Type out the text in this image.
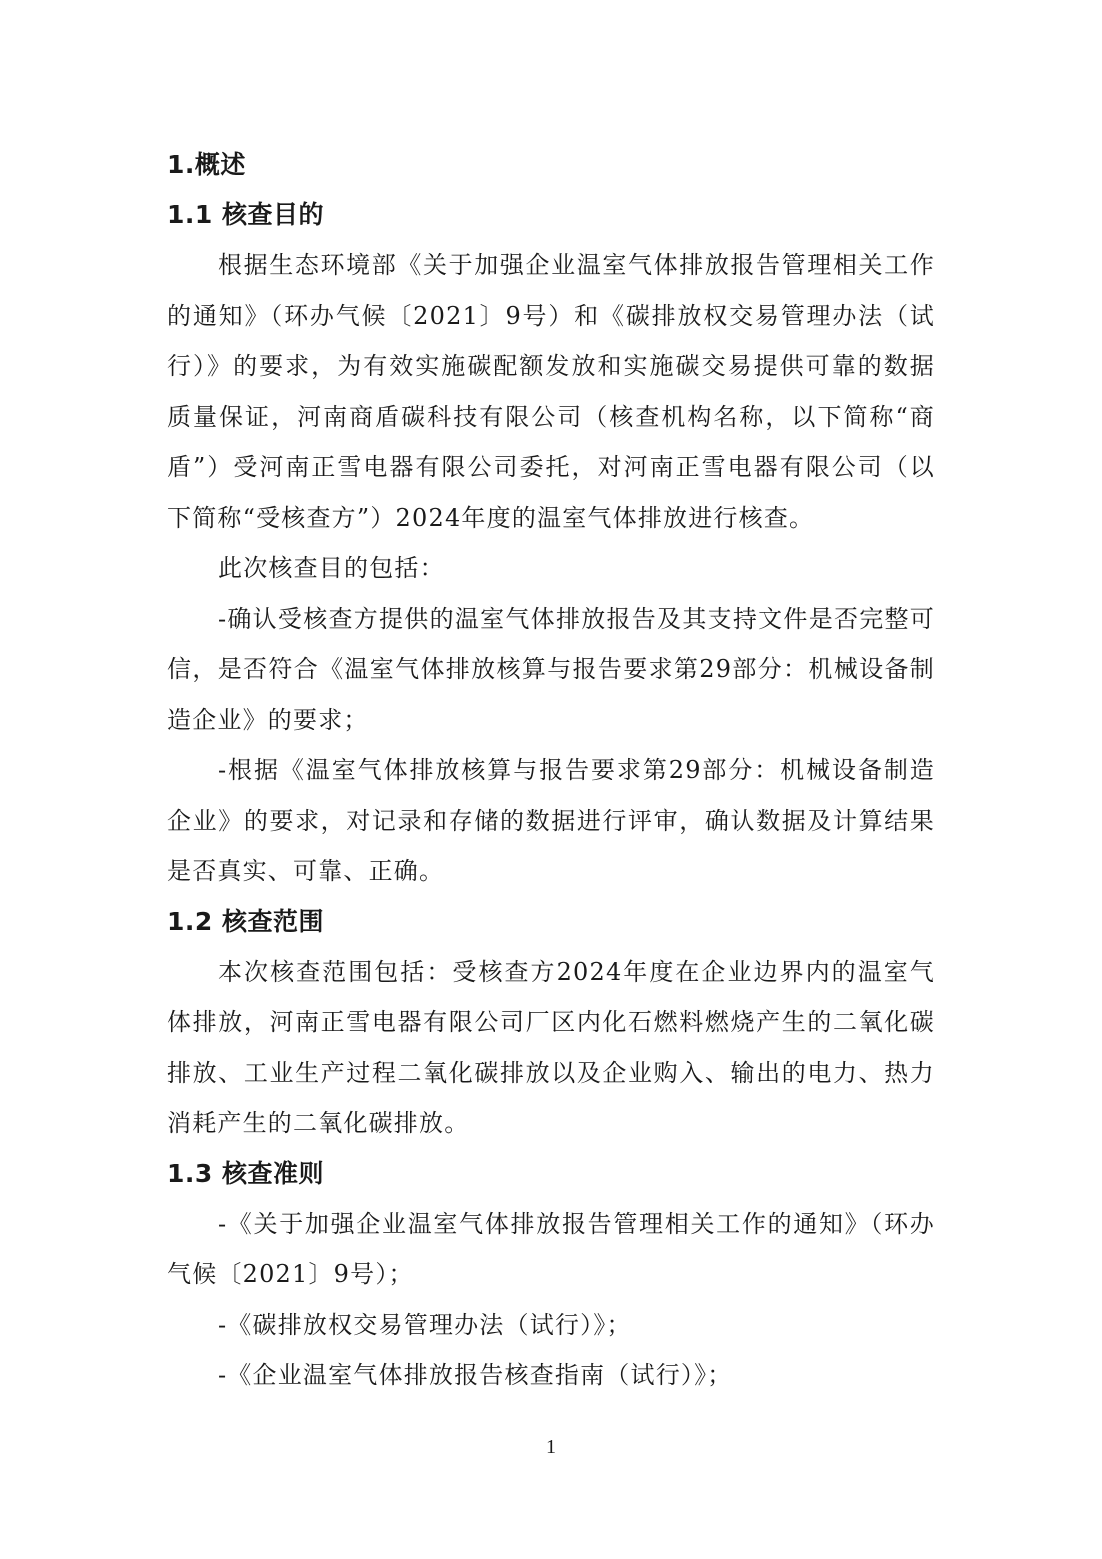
1.概述
1.1 核查目的

根据生态环境部《关于加强企业温室气体排放报告管理相关工作的通知》（环办气候〔2021〕9号）和《碳排放权交易管理办法（试行）》的要求，为有效实施碳配额发放和实施碳交易提供可靠的数据质量保证，河南商盾碳科技有限公司（核查机构名称，以下简称“商盾”）受河南正雪电器有限公司委托，对河南正雪电器有限公司（以下简称“受核查方”）2024年度的温室气体排放进行核查。

此次核查目的包括：

-确认受核查方提供的温室气体排放报告及其支持文件是否完整可信，是否符合《温室气体排放核算与报告要求第29部分：机械设备制造企业》的要求；

-根据《温室气体排放核算与报告要求第29部分：机械设备制造企业》的要求，对记录和存储的数据进行评审，确认数据及计算结果是否真实、可靠、正确。

1.2 核查范围

本次核查范围包括：受核查方2024年度在企业边界内的温室气体排放，河南正雪电器有限公司厂区内化石燃料燃烧产生的二氧化碳排放、工业生产过程二氧化碳排放以及企业购入、输出的电力、热力消耗产生的二氧化碳排放。

1.3 核查准则

-《关于加强企业温室气体排放报告管理相关工作的通知》（环办气候〔2021〕9号）；

-《碳排放权交易管理办法（试行）》；

-《企业温室气体排放报告核查指南（试行）》；

1
